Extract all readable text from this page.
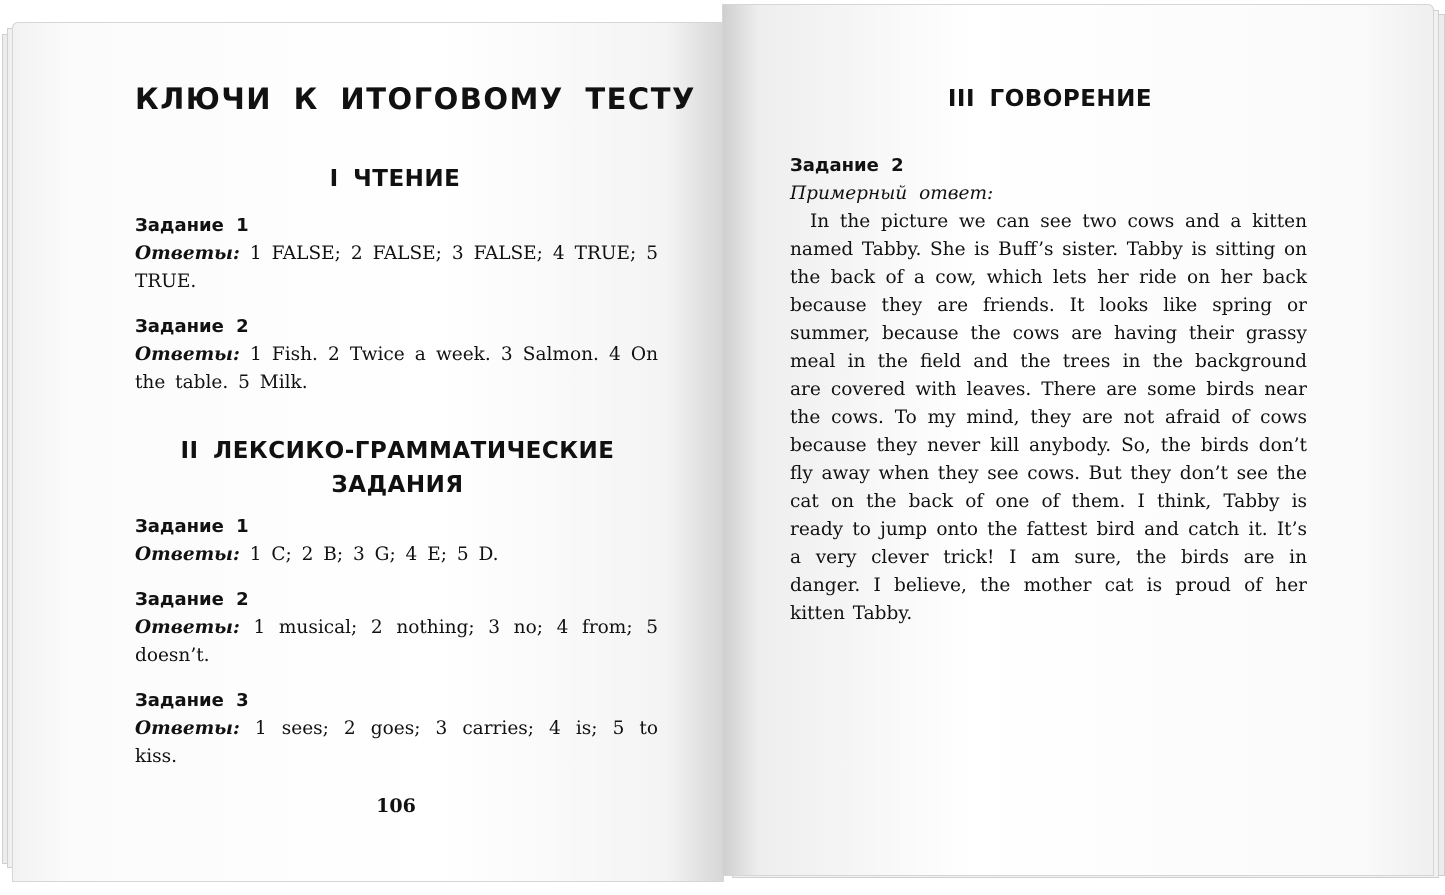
КЛЮЧИ К ИТОГОВОМУ ТЕСТУ
I ЧТЕНИЕ
Задание 1
Ответы: 1 FALSE; 2 FALSE; 3 FALSE; 4 TRUE; 5 TRUE.
Задание 2
Ответы: 1 Fish. 2 Twice a week. 3 Salmon. 4 On the table. 5 Milk.
II ЛЕКСИКО-ГРАММАТИЧЕСКИЕ
ЗАДАНИЯ
Задание 1
Ответы: 1 C; 2 B; 3 G; 4 E; 5 D.
Задание 2
Ответы: 1 musical; 2 nothing; 3 no; 4 from; 5 doesn’t.
Задание 3
Ответы: 1 sees; 2 goes; 3 carries; 4 is; 5 to kiss.
106
III ГОВОРЕНИЕ
Задание 2
Примерный ответ:
In the picture we can see two cows and a kitten named Tabby. She is Buff’s sister. Tabby is sitting on the back of a cow, which lets her ride on her back because they are friends. It looks like spring or summer, because the cows are having their grassy meal in the field and the trees in the background are covered with leaves. There are some birds near the cows. To my mind, they are not afraid of cows because they never kill anybody. So, the birds don’t fly away when they see cows. But they don’t see the cat on the back of one of them. I think, Tabby is ready to jump onto the fattest bird and catch it. It’s a very clever trick! I am sure, the birds are in danger. I believe, the mother cat is proud of her kitten Tabby.
